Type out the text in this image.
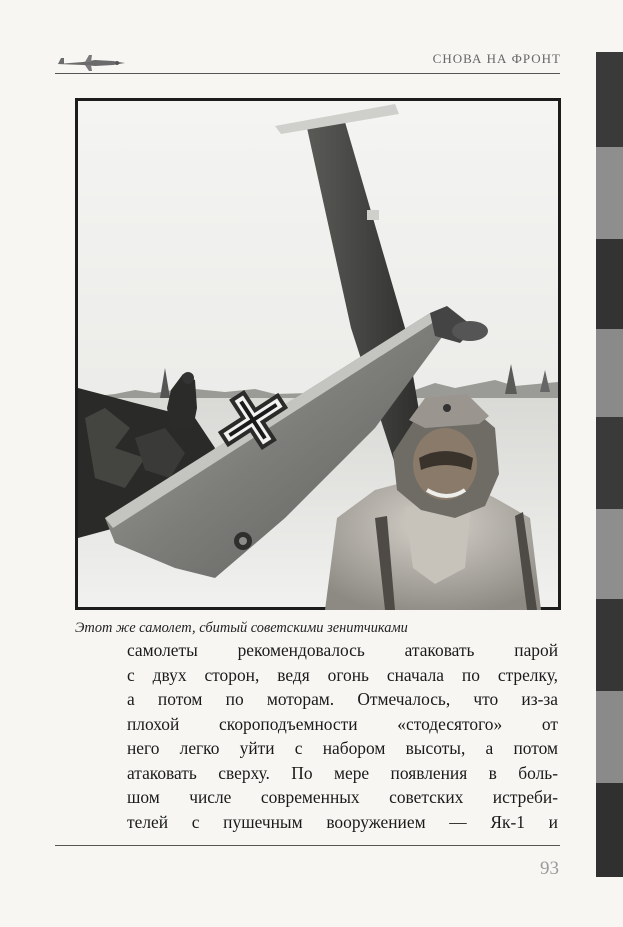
СНОВА НА ФРОНТ
Этот же самолет, сбитый советскими зенитчиками
самолеты рекомендовалось атаковать парой
с двух сторон, ведя огонь сначала по стрелку,
а потом по моторам. Отмечалось, что из-за
плохой скороподъемности «стодесятого» от
него легко уйти с набором высоты, а потом
атаковать сверху. По мере появления в боль-
шом числе современных советских истреби-
телей с пушечным вооружением — Як-1 и
93
